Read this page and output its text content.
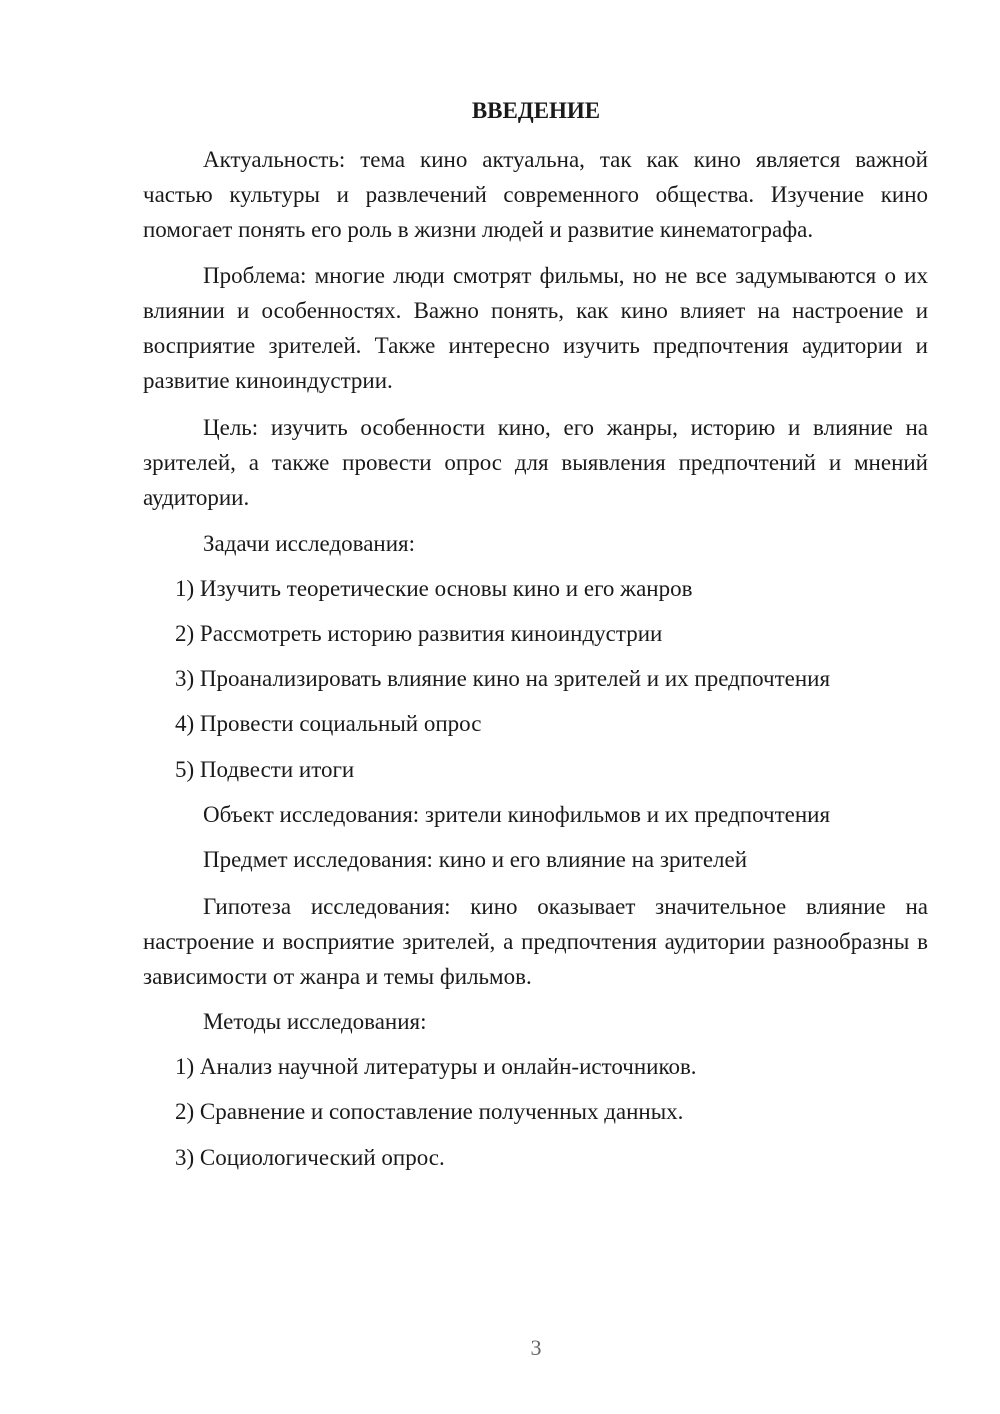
ВВЕДЕНИЕ
Актуальность: тема кино актуальна, так как кино является важной частью культуры и развлечений современного общества. Изучение кино помогает понять его роль в жизни людей и развитие кинематографа.
Проблема: многие люди смотрят фильмы, но не все задумываются о их влиянии и особенностях. Важно понять, как кино влияет на настроение и восприятие зрителей. Также интересно изучить предпочтения аудитории и развитие киноиндустрии.
Цель: изучить особенности кино, его жанры, историю и влияние на зрителей, а также провести опрос для выявления предпочтений и мнений аудитории.
Задачи исследования:
1) Изучить теоретические основы кино и его жанров
2) Рассмотреть историю развития киноиндустрии
3) Проанализировать влияние кино на зрителей и их предпочтения
4) Провести социальный опрос
5) Подвести итоги
Объект исследования: зрители кинофильмов и их предпочтения
Предмет исследования: кино и его влияние на зрителей
Гипотеза исследования: кино оказывает значительное влияние на настроение и восприятие зрителей, а предпочтения аудитории разнообразны в зависимости от жанра и темы фильмов.
Методы исследования:
1) Анализ научной литературы и онлайн-источников.
2) Сравнение и сопоставление полученных данных.
3) Социологический опрос.
3
